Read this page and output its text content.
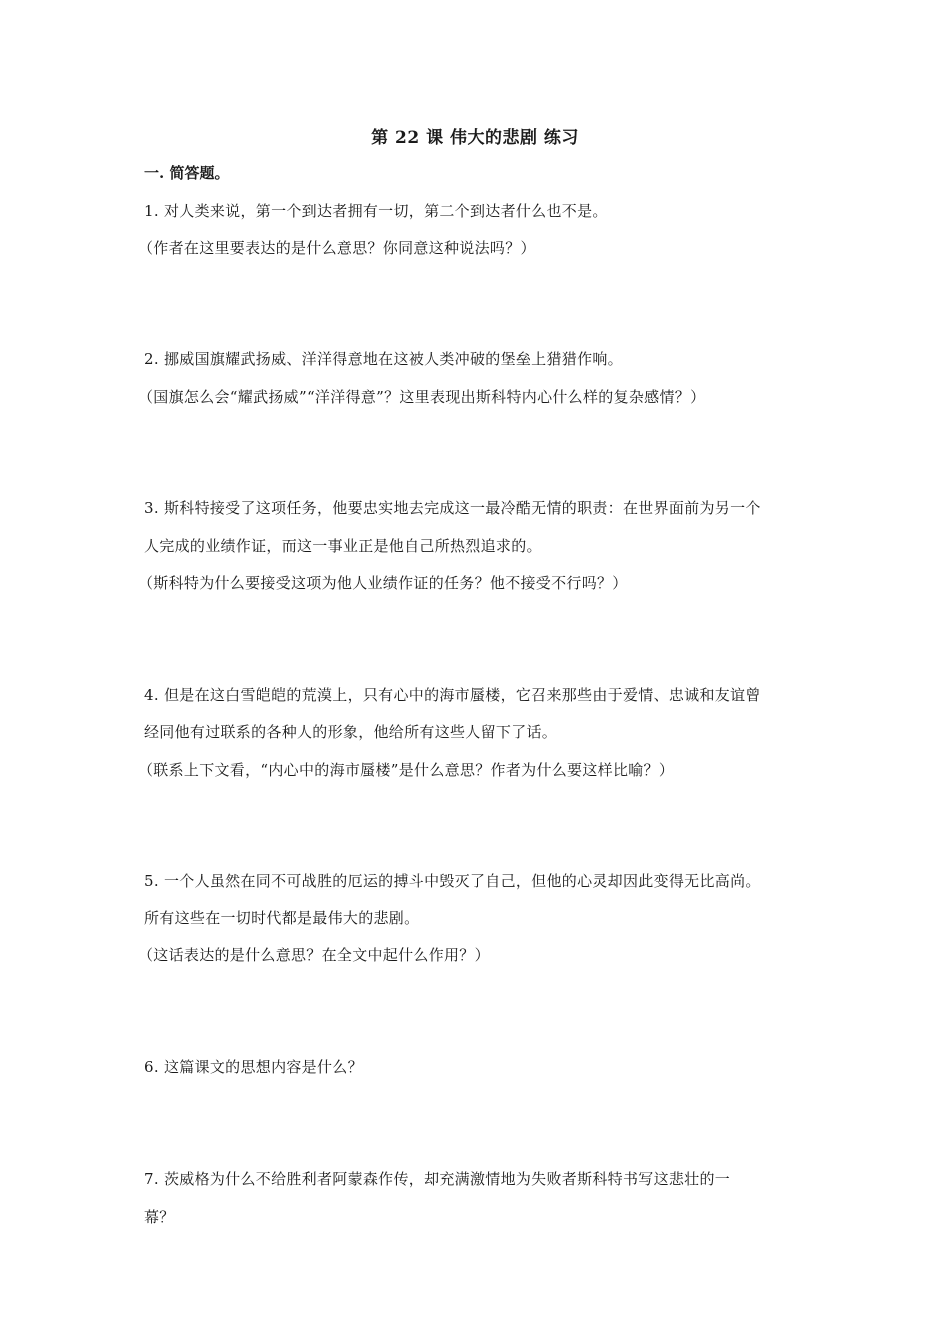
第 22 课 伟大的悲剧 练习
一. 简答题。
1. 对人类来说，第一个到达者拥有一切，第二个到达者什么也不是。
（作者在这里要表达的是什么意思？你同意这种说法吗？）
2. 挪威国旗耀武扬威、洋洋得意地在这被人类冲破的堡垒上猎猎作响。
（国旗怎么会“耀武扬威”“洋洋得意”？这里表现出斯科特内心什么样的复杂感情？）
3. 斯科特接受了这项任务，他要忠实地去完成这一最冷酷无情的职责：在世界面前为另一个
人完成的业绩作证，而这一事业正是他自己所热烈追求的。
（斯科特为什么要接受这项为他人业绩作证的任务？他不接受不行吗？）
4. 但是在这白雪皑皑的荒漠上，只有心中的海市蜃楼，它召来那些由于爱情、忠诚和友谊曾
经同他有过联系的各种人的形象，他给所有这些人留下了话。
（联系上下文看，“内心中的海市蜃楼”是什么意思？作者为什么要这样比喻？）
5. 一个人虽然在同不可战胜的厄运的搏斗中毁灭了自己，但他的心灵却因此变得无比高尚。
所有这些在一切时代都是最伟大的悲剧。
（这话表达的是什么意思？在全文中起什么作用？）
6. 这篇课文的思想内容是什么？
7. 茨威格为什么不给胜利者阿蒙森作传，却充满激情地为失败者斯科特书写这悲壮的一
幕？
